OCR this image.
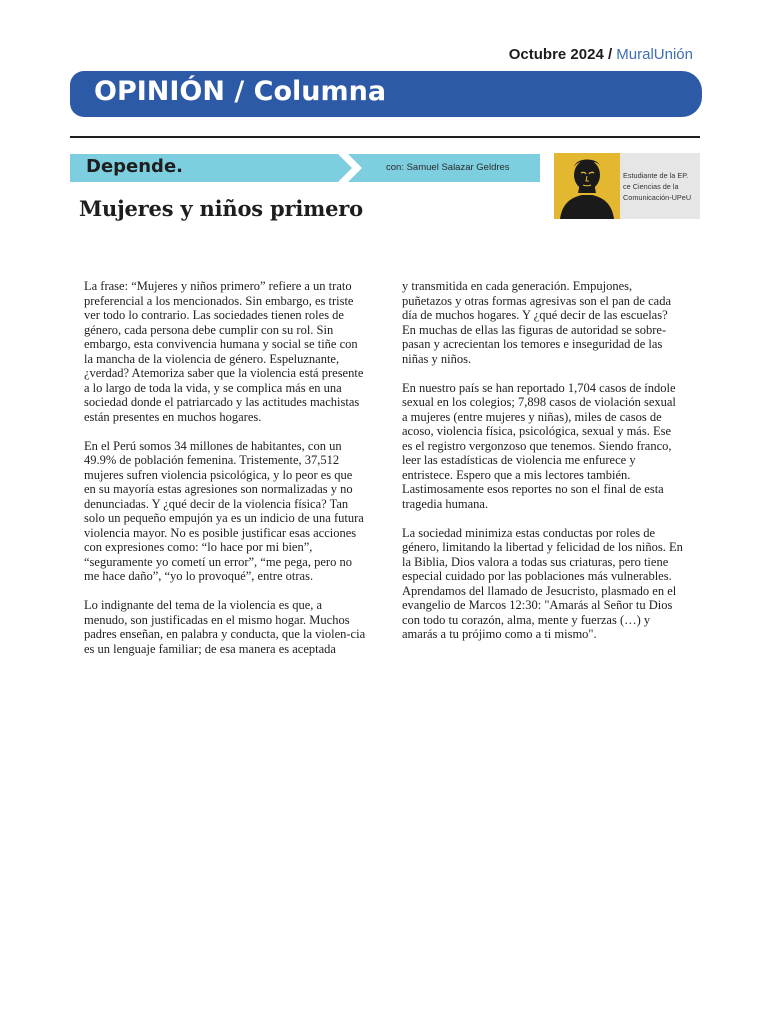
Octubre 2024 / MuralUnión
OPINIÓN / Columna
Depende.	con: Samuel Salazar Geldres
Estudiante de la EP.
ce Ciencias de la
Comunicación-UPeU
Mujeres y niños primero

La frase: “Mujeres y niños primero” refiere a un trato preferencial a los mencionados. Sin embargo, es triste ver todo lo contrario. Las sociedades tienen roles de género, cada persona debe cumplir con su rol. Sin embargo, esta convivencia humana y social se tiñe con la mancha de la violencia de género. Espeluznante, ¿verdad? Atemoriza saber que la violencia está presente a lo largo de toda la vida, y se complica más en una sociedad donde el patriarcado y las actitudes machistas están presentes en muchos hogares.

En el Perú somos 34 millones de habitantes, con un 49.9% de población femenina. Tristemente, 37,512 mujeres sufren violencia psicológica, y lo peor es que en su mayoría estas agresiones son normalizadas y no denunciadas. Y ¿qué decir de la violencia física? Tan solo un pequeño empujón ya es un indicio de una futura violencia mayor. No es posible justificar esas acciones con expresiones como: “lo hace por mi bien”, “seguramente yo cometí un error”, “me pega, pero no me hace daño”, “yo lo provoqué”, entre otras.

Lo indignante del tema de la violencia es que, a menudo, son justificadas en el mismo hogar. Muchos padres enseñan, en palabra y conducta, que la violen-cia es un lenguaje familiar; de esa manera es aceptada

y transmitida en cada generación. Empujones, puñetazos y otras formas agresivas son el pan de cada día de muchos hogares. Y ¿qué decir de las escuelas? En muchas de ellas las figuras de autoridad se sobre-pasan y acrecientan los temores e inseguridad de las niñas y niños.

En nuestro país se han reportado 1,704 casos de índole sexual en los colegios; 7,898 casos de violación sexual a mujeres (entre mujeres y niñas), miles de casos de acoso, violencia física, psicológica, sexual y más. Ese es el registro vergonzoso que tenemos. Siendo franco, leer las estadísticas de violencia me enfurece y entristece. Espero que a mis lectores también. Lastimosamente esos reportes no son el final de esta tragedia humana.

La sociedad minimiza estas conductas por roles de género, limitando la libertad y felicidad de los niños. En la Biblia, Dios valora a todas sus criaturas, pero tiene especial cuidado por las poblaciones más vulnerables. Aprendamos del llamado de Jesucristo, plasmado en el evangelio de Marcos 12:30: "Amarás al Señor tu Dios con todo tu corazón, alma, mente y fuerzas (…) y amarás a tu prójimo como a ti mismo".
